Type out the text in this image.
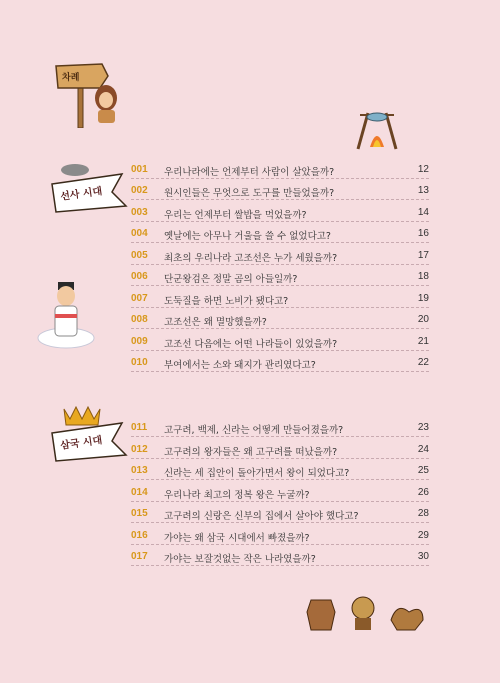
차례
선사 시대
삼국 시대
001 우리나라에는 언제부터 사람이 살았을까?	12
002 원시인들은 무엇으로 도구를 만들었을까?	13
003 우리는 언제부터 쌀밥을 먹었을까?	14
004 옛날에는 아무나 거울을 쓸 수 없었다고?	16
005 최초의 우리나라 고조선은 누가 세웠을까?	17
006 단군왕검은 정말 곰의 아들일까?	18
007 도둑질을 하면 노비가 됐다고?	19
008 고조선은 왜 멸망했을까?	20
009 고조선 다음에는 어떤 나라들이 있었을까?	21
010 부여에서는 소와 돼지가 관리였다고?	22
011 고구려, 백제, 신라는 어떻게 만들어졌을까?	23
012 고구려의 왕자들은 왜 고구려를 떠났을까?	24
013 신라는 세 집안이 돌아가면서 왕이 되었다고?	25
014 우리나라 최고의 정복 왕은 누굴까?	26
015 고구려의 신랑은 신부의 집에서 살아야 했다고?	28
016 가야는 왜 삼국 시대에서 빠졌을까?	29
017 가야는 보잘것없는 작은 나라였을까?	30
